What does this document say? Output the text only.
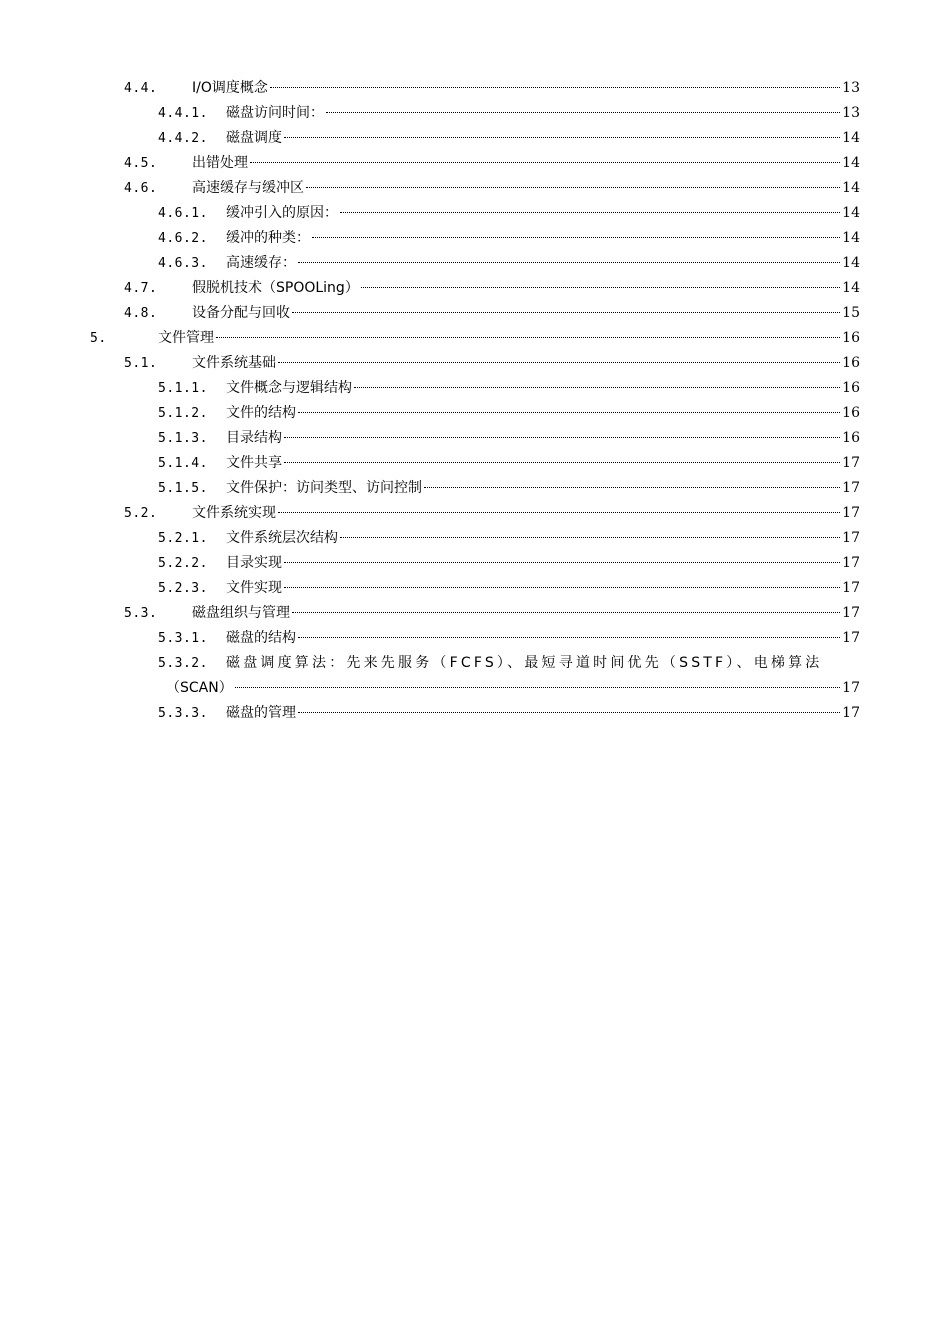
4.4.	I/O调度概念	13
4.4.1.	磁盘访问时间：	13
4.4.2.	磁盘调度	14
4.5.	出错处理	14
4.6.	高速缓存与缓冲区	14
4.6.1.	缓冲引入的原因：	14
4.6.2.	缓冲的种类：	14
4.6.3.	高速缓存：	14
4.7.	假脱机技术（SPOOLing）	14
4.8.	设备分配与回收	15
5.	文件管理	16
5.1.	文件系统基础	16
5.1.1.	文件概念与逻辑结构	16
5.1.2.	文件的结构	16
5.1.3.	目录结构	16
5.1.4.	文件共享	17
5.1.5.	文件保护：访问类型、访问控制	17
5.2.	文件系统实现	17
5.2.1.	文件系统层次结构	17
5.2.2.	目录实现	17
5.2.3.	文件实现	17
5.3.	磁盘组织与管理	17
5.3.1.	磁盘的结构	17
5.3.2.	磁盘调度算法：先来先服务（FCFS）、最短寻道时间优先（SSTF）、电梯算法
（SCAN）	17
5.3.3.	磁盘的管理	17
